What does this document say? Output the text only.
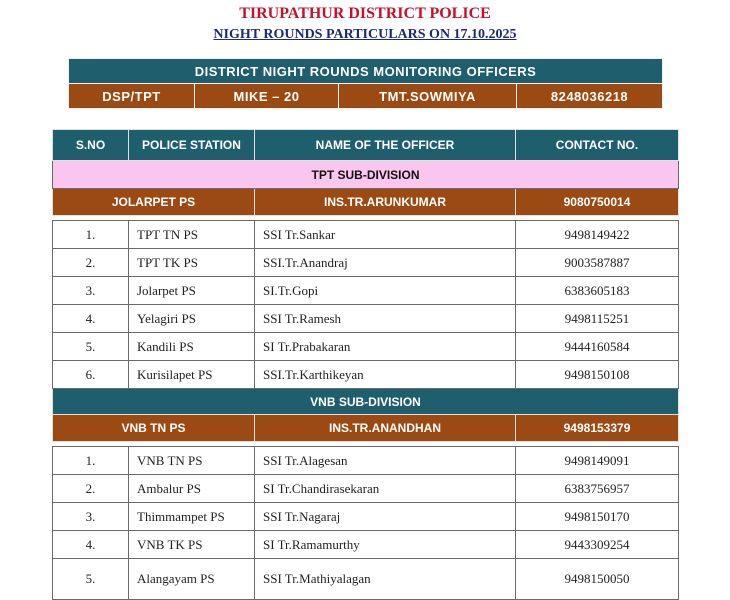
TIRUPATHUR DISTRICT POLICE
NIGHT ROUNDS PARTICULARS ON 17.10.2025
DISTRICT NIGHT ROUNDS MONITORING OFFICERS
DSP/TPT	MIKE – 20	TMT.SOWMIYA	8248036218
S.NO	POLICE STATION	NAME OF THE OFFICER	CONTACT NO.
TPT SUB-DIVISION			
JOLARPET PS		INS.TR.ARUNKUMAR	9080750014

1.	TPT TN PS	SSI Tr.Sankar	9498149422
2.	TPT TK PS	SSI.Tr.Anandraj	9003587887
3.	Jolarpet PS	SI.Tr.Gopi	6383605183
4.	Yelagiri PS	SSI Tr.Ramesh	9498115251
5.	Kandili PS	SI Tr.Prabakaran	9444160584
6.	Kurisilapet PS	SSI.Tr.Karthikeyan	9498150108
VNB SUB-DIVISION			
VNB TN PS		INS.TR.ANANDHAN	9498153379

1.	VNB TN PS	SSI Tr.Alagesan	9498149091
2.	Ambalur PS	SI Tr.Chandirasekaran	6383756957
3.	Thimmampet PS	SSI Tr.Nagaraj	9498150170
4.	VNB TK PS	SI Tr.Ramamurthy	9443309254
5.	Alangayam PS	SSI Tr.Mathiyalagan	9498150050
